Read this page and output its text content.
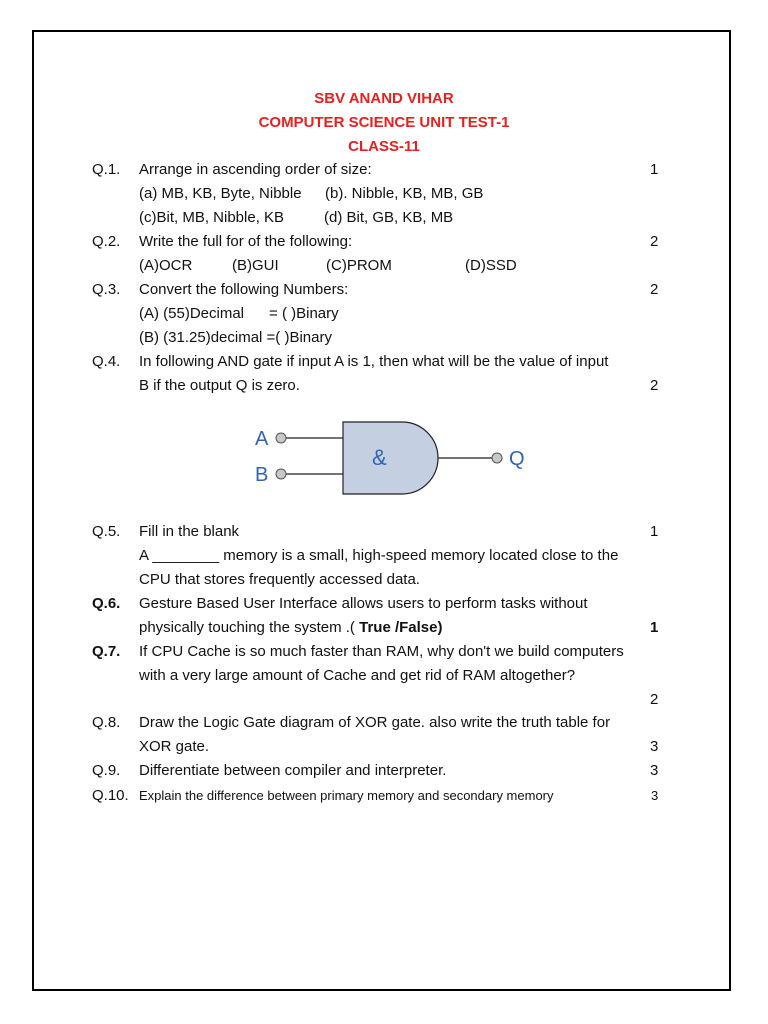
SBV ANAND VIHAR
COMPUTER SCIENCE UNIT TEST-1
CLASS-11
Q.1. Arrange in ascending order of size:	1
(a) MB, KB, Byte, Nibble (b). Nibble, KB, MB, GB
(c)Bit, MB, Nibble, KB	(d) Bit, GB, KB, MB
Q.2. Write the full for of the following:	2
(A)OCR	(B)GUI	(C)PROM	(D)SSD
Q.3. Convert the following Numbers:	2
(A) (55)Decimal      = ( )Binary
(B) (31.25)decimal =( )Binary
Q.4. In following AND gate if input A is 1, then what will be the value of input
B if the output Q is zero.	2
A
B
&	Q
Q.5. Fill in the blank	1
A ________ memory is a small, high-speed memory located close to the
CPU that stores frequently accessed data.
Q.6. Gesture Based User Interface allows users to perform tasks without
physically touching the system .( True /False)	1
Q.7. If CPU Cache is so much faster than RAM, why don't we build computers
with a very large amount of Cache and get rid of RAM altogether?
2
Q.8. Draw the Logic Gate diagram of XOR gate. also write the truth table for
XOR gate.	3
Q.9. Differentiate between compiler and interpreter.	3
Q.10. Explain the difference between primary memory and secondary memory	3
